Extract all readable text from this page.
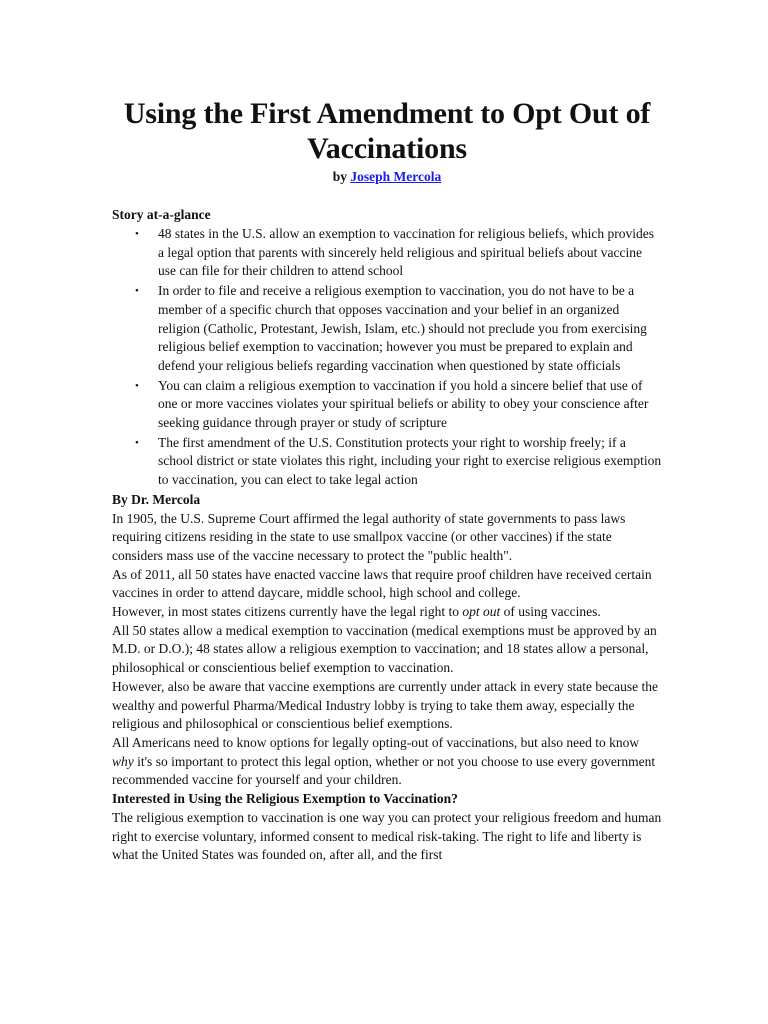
Using the First Amendment to Opt Out of Vaccinations
by Joseph Mercola
Story at-a-glance
• 48 states in the U.S. allow an exemption to vaccination for religious beliefs, which provides a legal option that parents with sincerely held religious and spiritual beliefs about vaccine use can file for their children to attend school
• In order to file and receive a religious exemption to vaccination, you do not have to be a member of a specific church that opposes vaccination and your belief in an organized religion (Catholic, Protestant, Jewish, Islam, etc.) should not preclude you from exercising religious belief exemption to vaccination; however you must be prepared to explain and defend your religious beliefs regarding vaccination when questioned by state officials
• You can claim a religious exemption to vaccination if you hold a sincere belief that use of one or more vaccines violates your spiritual beliefs or ability to obey your conscience after seeking guidance through prayer or study of scripture
• The first amendment of the U.S. Constitution protects your right to worship freely; if a school district or state violates this right, including your right to exercise religious exemption to vaccination, you can elect to take legal action
By Dr. Mercola

In 1905, the U.S. Supreme Court affirmed the legal authority of state governments to pass laws requiring citizens residing in the state to use smallpox vaccine (or other vaccines) if the state considers mass use of the vaccine necessary to protect the "public health".

As of 2011, all 50 states have enacted vaccine laws that require proof children have received certain vaccines in order to attend daycare, middle school, high school and college.

However, in most states citizens currently have the legal right to opt out of using vaccines.

All 50 states allow a medical exemption to vaccination (medical exemptions must be approved by an M.D. or D.O.); 48 states allow a religious exemption to vaccination; and 18 states allow a personal, philosophical or conscientious belief exemption to vaccination.

However, also be aware that vaccine exemptions are currently under attack in every state because the wealthy and powerful Pharma/Medical Industry lobby is trying to take them away, especially the religious and philosophical or conscientious belief exemptions.

All Americans need to know options for legally opting-out of vaccinations, but also need to know why it's so important to protect this legal option, whether or not you choose to use every government recommended vaccine for yourself and your children.

Interested in Using the Religious Exemption to Vaccination?

The religious exemption to vaccination is one way you can protect your religious freedom and human right to exercise voluntary, informed consent to medical risk-taking. The right to life and liberty is what the United States was founded on, after all, and the first
